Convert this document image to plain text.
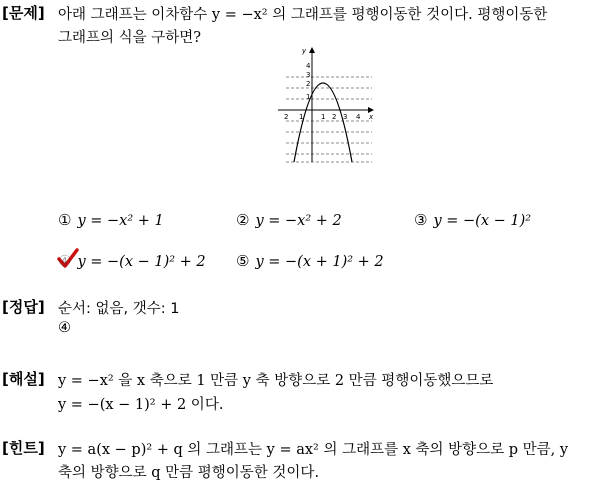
[문제] 아래 그래프는 이차함수 y = −x² 의 그래프를 평행이동한 것이다. 평행이동한
그래프의 식을 구하면?
y
x
4
3
2
1
2 1	1 2 3 4
① y = −x² + 1	② y = −x² + 2	③ y = −(x − 1)²
④ y = −(x − 1)² + 2 ⑤ y = −(x + 1)² + 2
[정답] 순서: 없음, 갯수: 1
④
[해설] y = −x² 을 x 축으로 1 만큼 y 축 방향으로 2 만큼 평행이동했으므로
y = −(x − 1)² + 2 이다.
[힌트] y = a(x − p)² + q 의 그래프는 y = ax² 의 그래프를 x 축의 방향으로 p 만큼, y
축의 방향으로 q 만큼 평행이동한 것이다.
